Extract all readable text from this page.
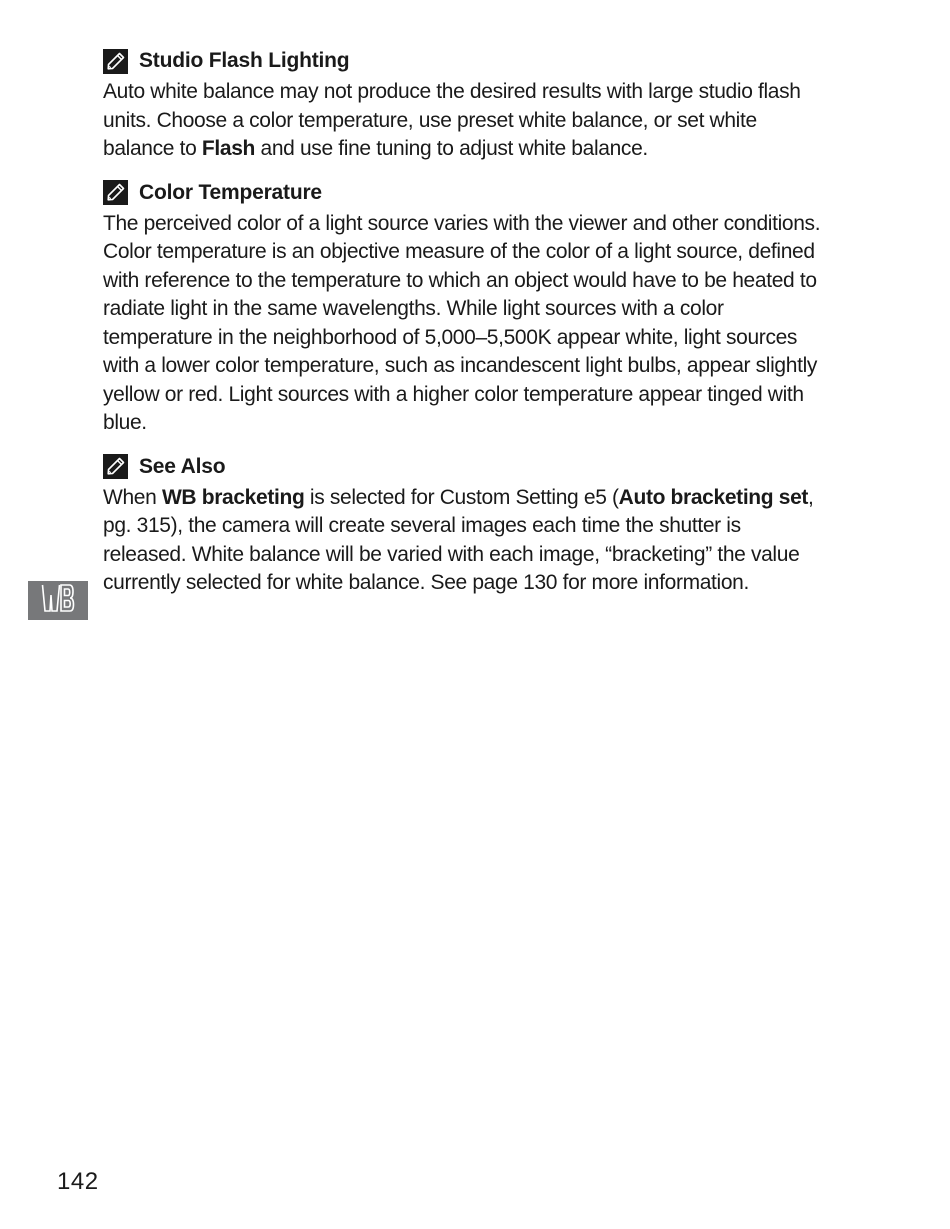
Studio Flash Lighting

Auto white balance may not produce the desired results with large studio flash units. Choose a color temperature, use preset white balance, or set white balance to Flash and use fine tuning to adjust white balance.

Color Temperature

The perceived color of a light source varies with the viewer and other conditions. Color temperature is an objective measure of the color of a light source, defined with reference to the temperature to which an object would have to be heated to radiate light in the same wavelengths. While light sources with a color temperature in the neighborhood of 5,000–5,500K appear white, light sources with a lower color temperature, such as incandescent light bulbs, appear slightly yellow or red. Light sources with a higher color temperature appear tinged with blue.

See Also

When WB bracketing is selected for Custom Setting e5 (Auto bracketing set, pg. 315), the camera will create several images each time the shutter is released. White balance will be varied with each image, “bracketing” the value currently selected for white balance. See page 130 for more information.

142
